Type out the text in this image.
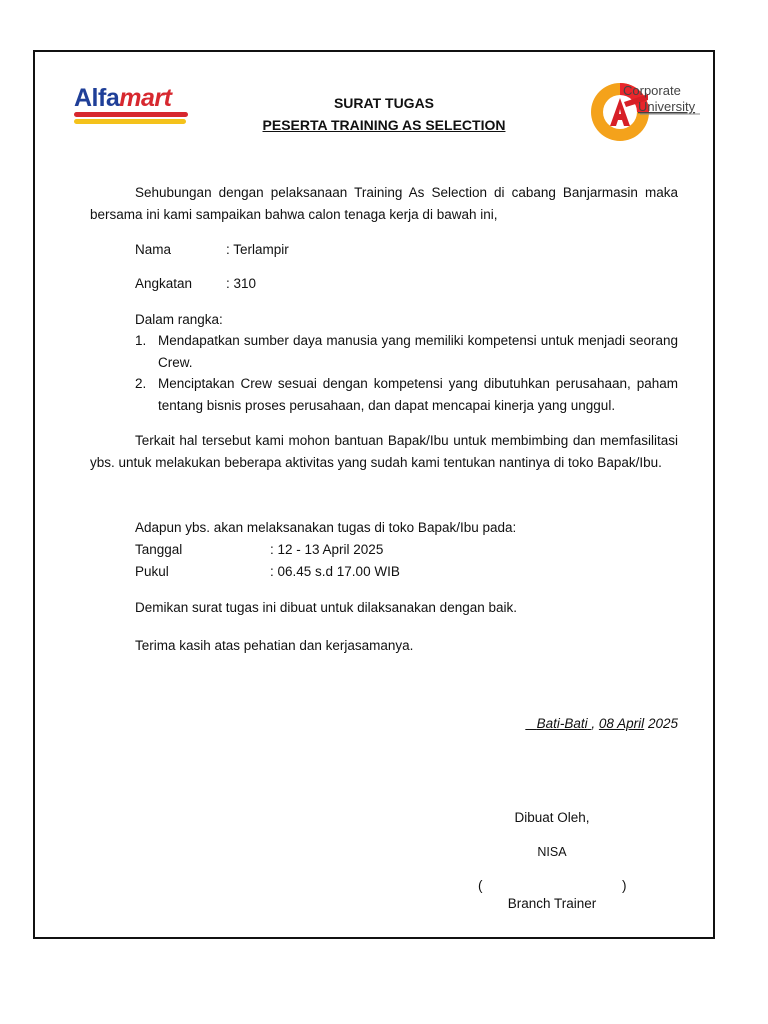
Alfamart	SURAT TUGAS
PESERTA TRAINING AS SELECTION
Corporate
University
Sehubungan dengan pelaksanaan Training As Selection di cabang Banjarmasin maka bersama ini kami sampaikan bahwa calon tenaga kerja di bawah ini,
Nama	: Terlampir
Angkatan	: 310
Dalam rangka:
1. Mendapatkan sumber daya manusia yang memiliki kompetensi untuk menjadi seorang Crew.
2. Menciptakan Crew sesuai dengan kompetensi yang dibutuhkan perusahaan, paham tentang bisnis proses perusahaan, dan dapat mencapai kinerja yang unggul.
Terkait hal tersebut kami mohon bantuan Bapak/Ibu untuk membimbing dan memfasilitasi ybs. untuk melakukan beberapa aktivitas yang sudah kami tentukan nantinya di toko Bapak/Ibu.
Adapun ybs. akan melaksanakan tugas di toko Bapak/Ibu pada:
Tanggal	: 12 - 13 April 2025
Pukul	: 06.45 s.d 17.00 WIB
Demikan surat tugas ini dibuat untuk dilaksanakan dengan baik.
Terima kasih atas pehatian dan kerjasamanya.
Bati-Bati , 08 April 2025
Dibuat Oleh,
NISA
(	)
Branch Trainer
